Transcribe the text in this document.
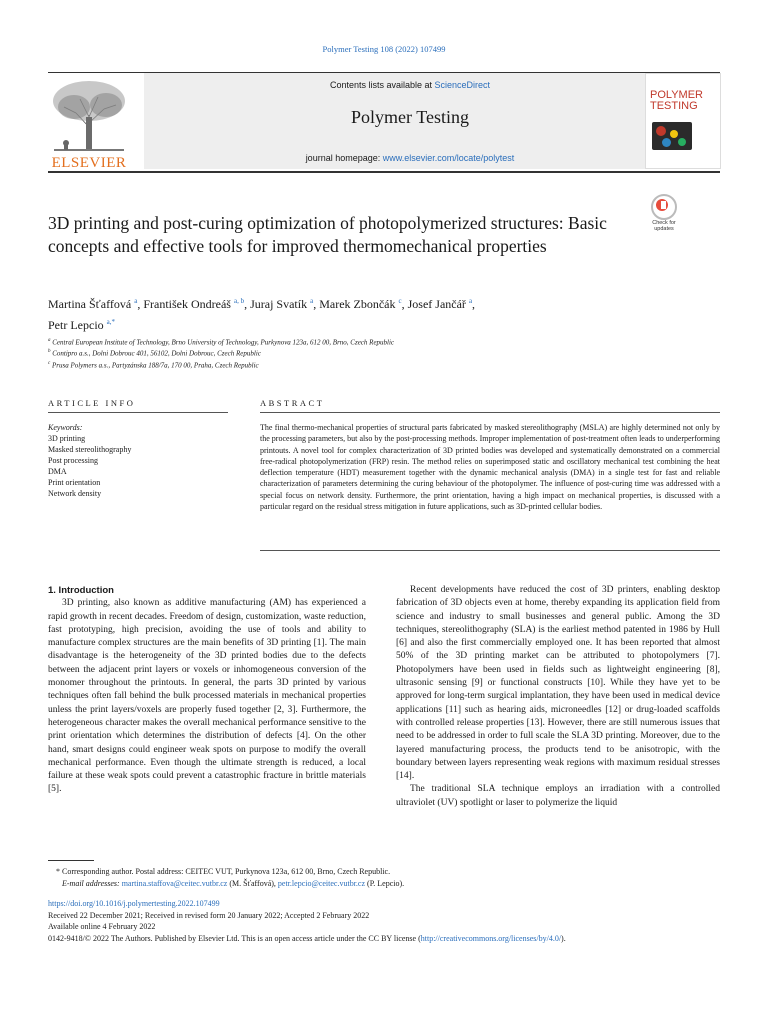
Polymer Testing 108 (2022) 107499
ELSEVIER
Contents lists available at ScienceDirect
Polymer Testing
journal homepage: www.elsevier.com/locate/polytest
POLYMER
TESTING
3D printing and post-curing optimization of photopolymerized structures: Basic concepts and effective tools for improved thermomechanical properties
Check for
updates
Martina Šťaffová $^a$, František Ondreáš $^{a, b}$, Juraj Svatík $^a$, Marek Zbončák $^c$, Josef Jančář $^a$,
Petr Lepcio $^{a,*}$
$^a$ Central European Institute of Technology, Brno University of Technology, Purkynova 123a, 612 00, Brno, Czech Republic
$^b$ Contipro a.s., Dolni Dobrouc 401, 56102, Dolni Dobrouc, Czech Republic
$^c$ Prusa Polymers a.s., Partyzánska 188/7a, 170 00, Praha, Czech Republic
ARTICLE INFO
Keywords:
3D printing
Masked stereolithography
Post processing
DMA
Print orientation
Network density
ABSTRACT
The final thermo-mechanical properties of structural parts fabricated by masked stereolithography (MSLA) are highly determined not only by the processing parameters, but also by the post-processing methods. Improper implementation of post-treatment often leads to underperforming printouts. A novel tool for complex characterization of 3D printed bodies was developed and systematically demonstrated on a commercial free-radical photopolymerization (FRP) resin. The method relies on superimposed static and oscillatory mechanical test combining the heat deflection temperature (HDT) measurement together with the dynamic mechanical analysis (DMA) in a single test for fast and reliable characterization of parameters determining the curing behaviour of the photopolymer. The influence of post-curing time was addressed with a special focus on network density. Furthermore, the print orientation, having a high impact on mechanical properties, is discussed with a particular regard on the residual stress mitigation in future applications, such as 3D-printed cellular bodies.

1. Introduction

3D printing, also known as additive manufacturing (AM) has experienced a rapid growth in recent decades. Freedom of design, customization, waste reduction, fast prototyping, high precision, avoiding the use of tools and ability to manufacture complex structures are the main benefits of 3D printing [1]. The main disadvantage is the heterogeneity of the 3D printed bodies due to the defects between the adjacent print layers or voxels or inhomogeneous conversion of the monomer throughout the printouts. In general, the parts 3D printed by various techniques often fall behind the bulk processed materials in mechanical properties unless the print layers/voxels are properly fused together [2, 3]. Furthermore, the heterogeneous character makes the overall mechanical performance sensitive to the print orientation which determines the distribution of defects [4]. On the other hand, smart designs could engineer weak spots on purpose to modify the overall mechanical performance. Even though the ultimate strength is reduced, a local failure at these weak spots could prevent a catastrophic fracture in brittle materials [5].

Recent developments have reduced the cost of 3D printers, enabling desktop fabrication of 3D objects even at home, thereby expanding its application field from science and industry to small businesses and general public. Among the 3D techniques, stereolithography (SLA) is the earliest method patented in 1986 by Hull [6] and also the first commercially employed one. It has been reported that almost 50% of the 3D printing market can be attributed to photopolymers [7]. Photopolymers have been used in fields such as lightweight engineering [8], ultrasonic sensing [9] or functional constructs [10]. While they have yet to be approved for long-term surgical implantation, they have been used in medical device applications [11] such as hearing aids, microneedles [12] or drug-loaded scaffolds with controlled release properties [13]. However, there are still numerous issues that need to be addressed in order to full scale the SLA 3D printing. Moreover, due to the layered manufacturing process, the products tend to be anisotropic, with the boundary between layers representing weak regions with maximum residual stresses [14].

The traditional SLA technique employs an irradiation with a controlled ultraviolet (UV) spotlight or laser to polymerize the liquid

* Corresponding author. Postal address: CEITEC VUT, Purkynova 123a, 612 00, Brno, Czech Republic.
E-mail addresses: martina.staffova@ceitec.vutbr.cz (M. Šťaffová), petr.lepcio@ceitec.vutbr.cz (P. Lepcio).
https://doi.org/10.1016/j.polymertesting.2022.107499
Received 22 December 2021; Received in revised form 20 January 2022; Accepted 2 February 2022
Available online 4 February 2022
0142-9418/© 2022 The Authors. Published by Elsevier Ltd. This is an open access article under the CC BY license (http://creativecommons.org/licenses/by/4.0/).
